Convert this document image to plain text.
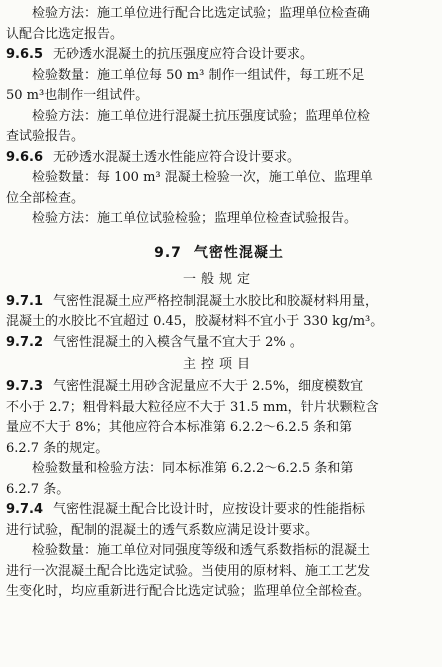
检验方法：施工单位进行配合比选定试验；监理单位检查确

认配合比选定报告。

9.6.5 无砂透水混凝土的抗压强度应符合设计要求。

检验数量：施工单位每 50 m³ 制作一组试件，每工班不足

50 m³也制作一组试件。

检验方法：施工单位进行混凝土抗压强度试验；监理单位检

查试验报告。

9.6.6 无砂透水混凝土透水性能应符合设计要求。

检验数量：每 100 m³ 混凝土检验一次，施工单位、监理单

位全部检查。

检验方法：施工单位试验检验；监理单位检查试验报告。

9.7 气密性混凝土
一般规定

9.7.1 气密性混凝土应严格控制混凝土水胶比和胶凝材料用量，

混凝土的水胶比不宜超过 0.45，胶凝材料不宜小于 330 kg/m³。

9.7.2 气密性混凝土的入模含气量不宜大于 2% 。

主控项目

9.7.3 气密性混凝土用砂含泥量应不大于 2.5%，细度模数宜

不小于 2.7；粗骨料最大粒径应不大于 31.5 mm，针片状颗粒含

量应不大于 8%；其他应符合本标准第 6.2.2～6.2.5 条和第

6.2.7 条的规定。

检验数量和检验方法：同本标准第 6.2.2～6.2.5 条和第

6.2.7 条。

9.7.4 气密性混凝土配合比设计时，应按设计要求的性能指标

进行试验，配制的混凝土的透气系数应满足设计要求。

检验数量：施工单位对同强度等级和透气系数指标的混凝土

进行一次混凝土配合比选定试验。当使用的原材料、施工工艺发

生变化时，均应重新进行配合比选定试验；监理单位全部检查。
